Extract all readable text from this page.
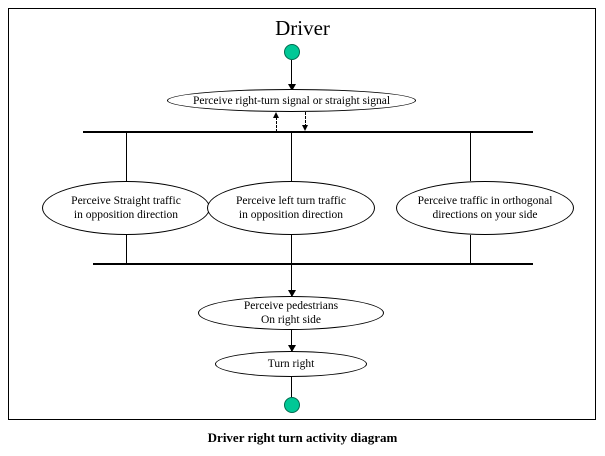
Driver
Perceive right-turn signal or straight signal
Perceive Straight traffic
in opposition direction
Perceive left turn traffic
in opposition direction
Perceive traffic in orthogonal
directions on your side
Perceive pedestrians
On right side
Turn right
Driver right turn activity diagram
